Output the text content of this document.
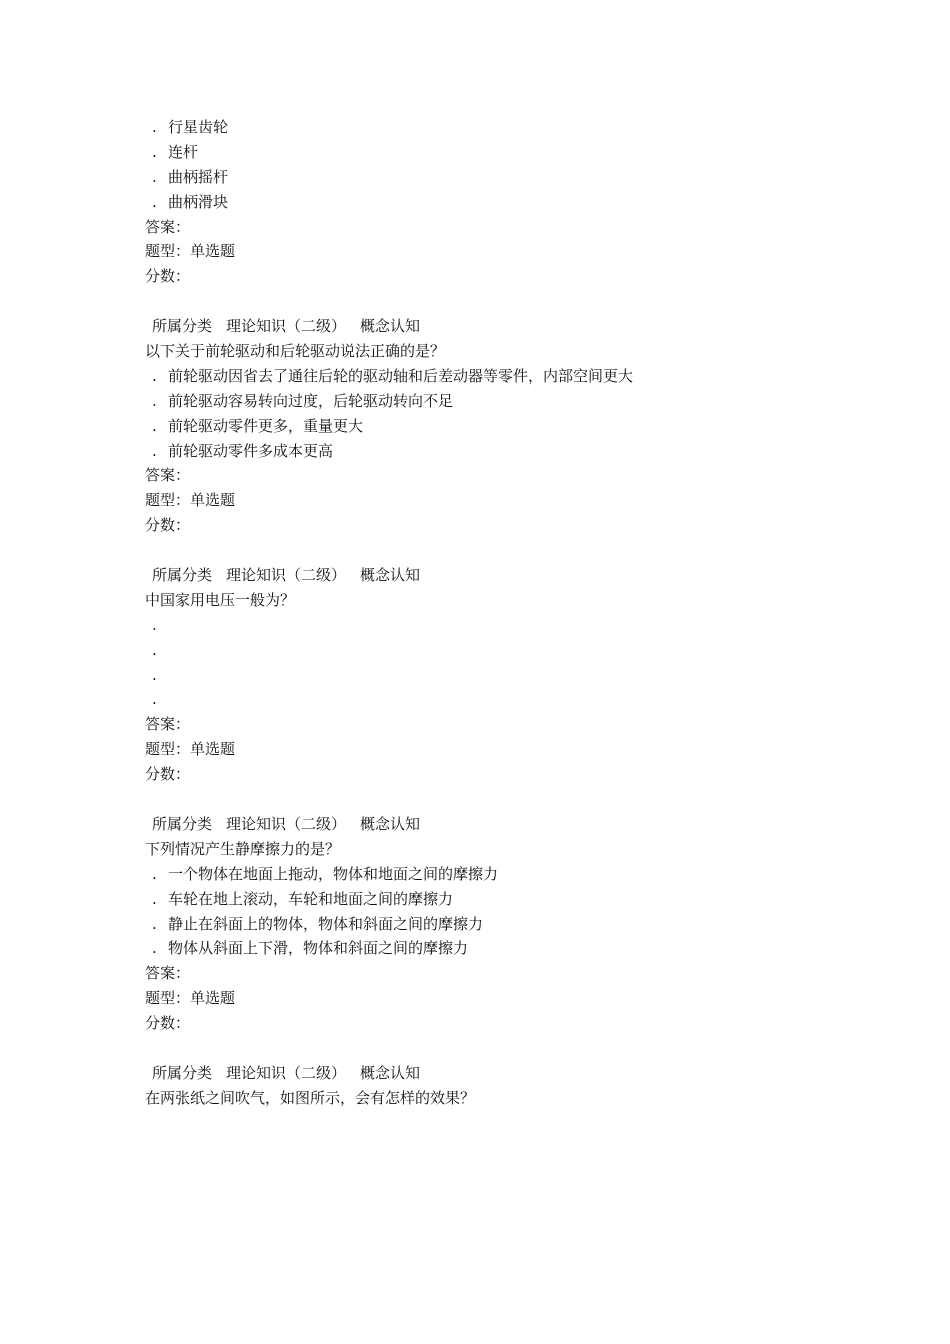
. 行星齿轮
. 连杆
. 曲柄摇杆
. 曲柄滑块
答案：
题型：单选题
分数：
所属分类 理论知识（二级） 概念认知
以下关于前轮驱动和后轮驱动说法正确的是？
. 前轮驱动因省去了通往后轮的驱动轴和后差动器等零件，内部空间更大
. 前轮驱动容易转向过度，后轮驱动转向不足
. 前轮驱动零件更多，重量更大
. 前轮驱动零件多成本更高
答案：
题型：单选题
分数：
所属分类 理论知识（二级） 概念认知
中国家用电压一般为？
.
.
.
.
答案：
题型：单选题
分数：
所属分类 理论知识（二级） 概念认知
下列情况产生静摩擦力的是？
. 一个物体在地面上拖动，物体和地面之间的摩擦力
. 车轮在地上滚动，车轮和地面之间的摩擦力
. 静止在斜面上的物体，物体和斜面之间的摩擦力
. 物体从斜面上下滑，物体和斜面之间的摩擦力
答案：
题型：单选题
分数：
所属分类 理论知识（二级） 概念认知
在两张纸之间吹气，如图所示，会有怎样的效果？
